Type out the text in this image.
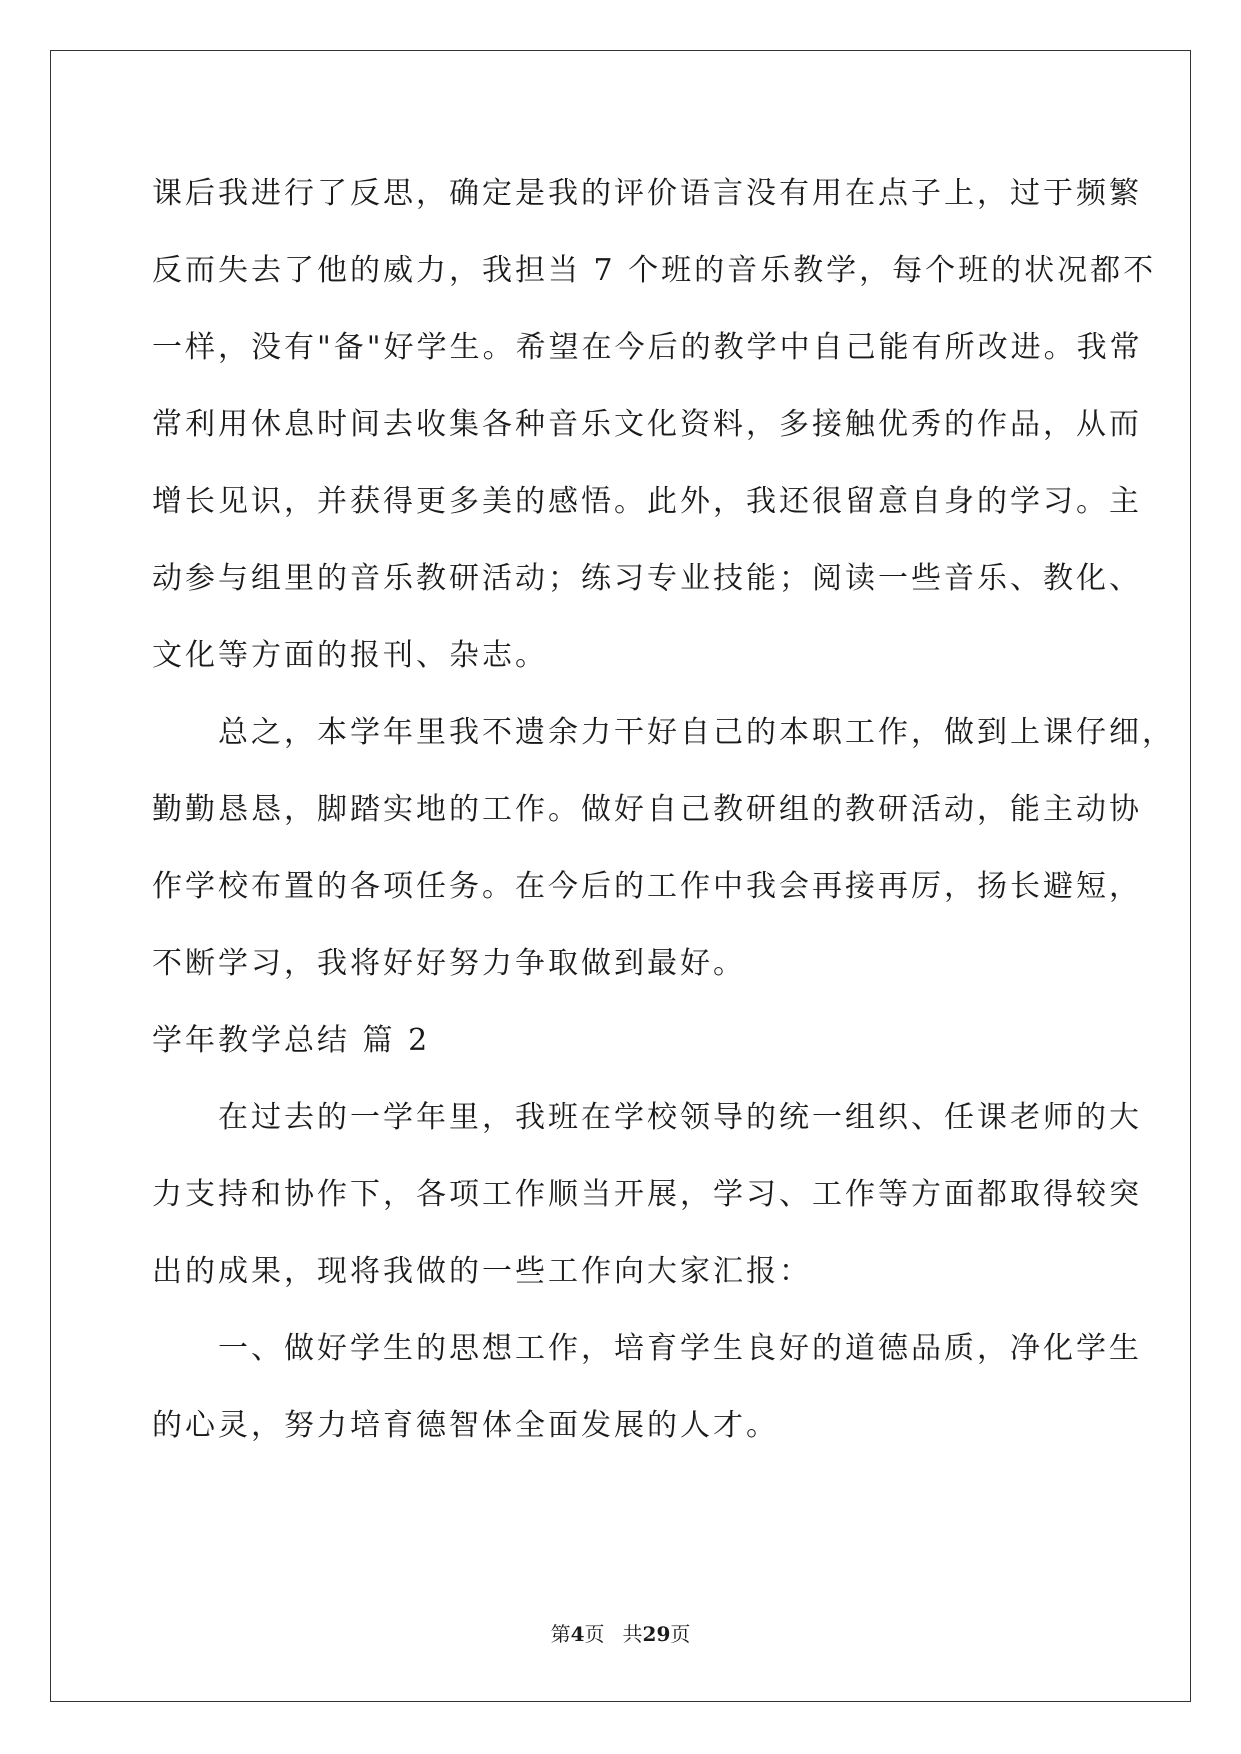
课后我进行了反思，确定是我的评价语言没有用在点子上，过于频繁
反而失去了他的威力，我担当 7 个班的音乐教学，每个班的状况都不
一样，没有"备"好学生。希望在今后的教学中自己能有所改进。我常
常利用休息时间去收集各种音乐文化资料，多接触优秀的作品，从而
增长见识，并获得更多美的感悟。此外，我还很留意自身的学习。主
动参与组里的音乐教研活动；练习专业技能；阅读一些音乐、教化、
文化等方面的报刊、杂志。
　　总之，本学年里我不遗余力干好自己的本职工作，做到上课仔细，
勤勤恳恳，脚踏实地的工作。做好自己教研组的教研活动，能主动协
作学校布置的各项任务。在今后的工作中我会再接再厉，扬长避短，
不断学习，我将好好努力争取做到最好。
学年教学总结 篇 2
　　在过去的一学年里，我班在学校领导的统一组织、任课老师的大
力支持和协作下，各项工作顺当开展，学习、工作等方面都取得较突
出的成果，现将我做的一些工作向大家汇报：
　　一、做好学生的思想工作，培育学生良好的道德品质，净化学生
的心灵，努力培育德智体全面发展的人才。
第4页 共29页
